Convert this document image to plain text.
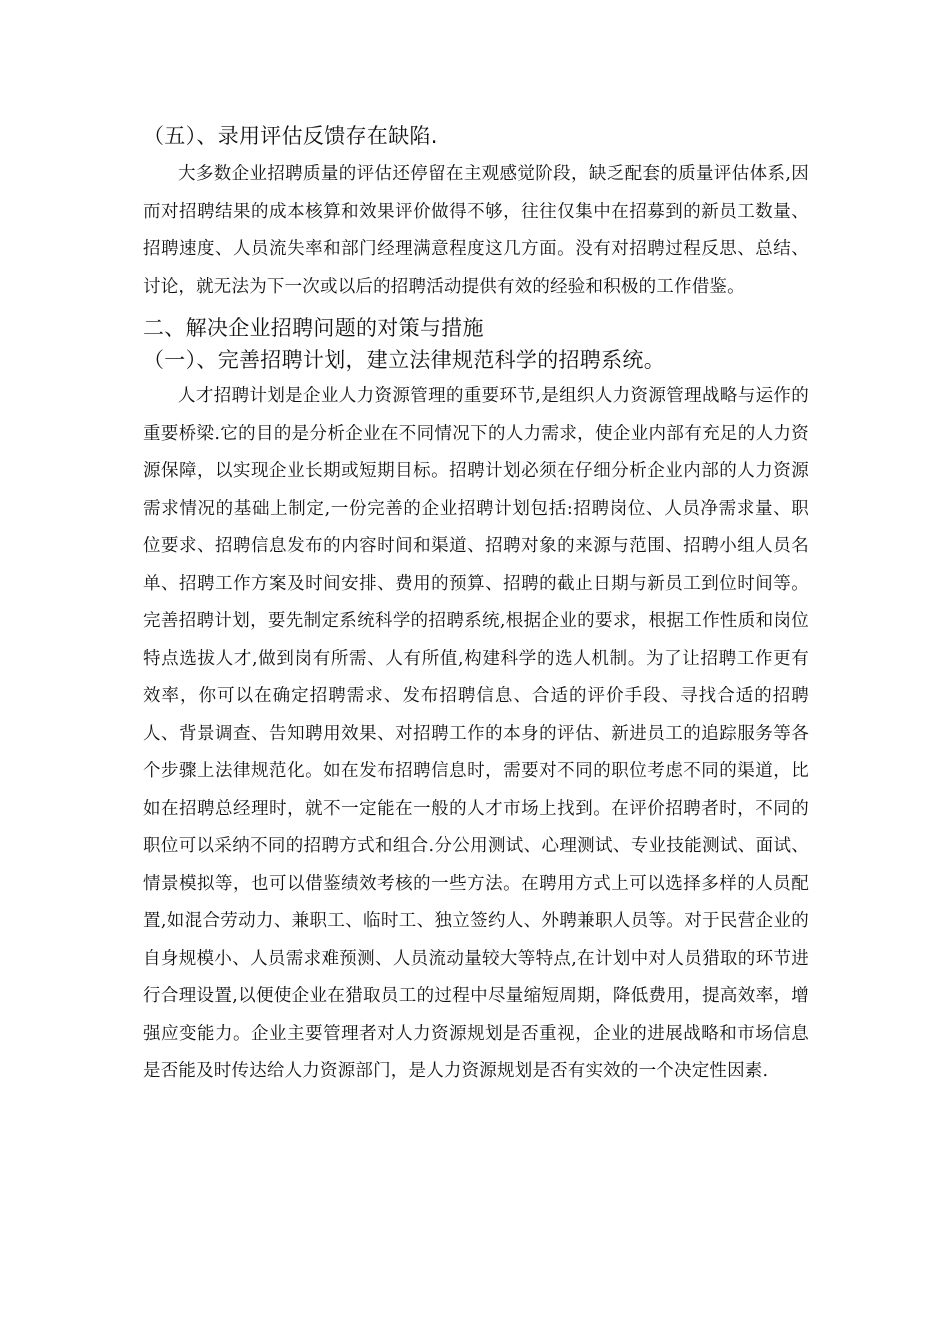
（五）、录用评估反馈存在缺陷.

大多数企业招聘质量的评估还停留在主观感觉阶段，缺乏配套的质量评估体系,因而对招聘结果的成本核算和效果评价做得不够，往往仅集中在招募到的新员工数量、招聘速度、人员流失率和部门经理满意程度这几方面。没有对招聘过程反思、总结、讨论，就无法为下一次或以后的招聘活动提供有效的经验和积极的工作借鉴。

二、解决企业招聘问题的对策与措施
（一）、完善招聘计划，建立法律规范科学的招聘系统。

人才招聘计划是企业人力资源管理的重要环节,是组织人力资源管理战略与运作的重要桥梁.它的目的是分析企业在不同情况下的人力需求，使企业内部有充足的人力资源保障，以实现企业长期或短期目标。招聘计划必须在仔细分析企业内部的人力资源需求情况的基础上制定,一份完善的企业招聘计划包括:招聘岗位、人员净需求量、职位要求、招聘信息发布的内容时间和渠道、招聘对象的来源与范围、招聘小组人员名单、招聘工作方案及时间安排、费用的预算、招聘的截止日期与新员工到位时间等。完善招聘计划，要先制定系统科学的招聘系统,根据企业的要求，根据工作性质和岗位特点选拔人才,做到岗有所需、人有所值,构建科学的选人机制。为了让招聘工作更有效率，你可以在确定招聘需求、发布招聘信息、合适的评价手段、寻找合适的招聘人、背景调查、告知聘用效果、对招聘工作的本身的评估、新进员工的追踪服务等各个步骤上法律规范化。如在发布招聘信息时，需要对不同的职位考虑不同的渠道，比如在招聘总经理时，就不一定能在一般的人才市场上找到。在评价招聘者时，不同的职位可以采纳不同的招聘方式和组合.分公用测试、心理测试、专业技能测试、面试、情景模拟等，也可以借鉴绩效考核的一些方法。在聘用方式上可以选择多样的人员配置,如混合劳动力、兼职工、临时工、独立签约人、外聘兼职人员等。对于民营企业的自身规模小、人员需求难预测、人员流动量较大等特点,在计划中对人员猎取的环节进行合理设置,以便使企业在猎取员工的过程中尽量缩短周期，降低费用，提高效率，增强应变能力。企业主要管理者对人力资源规划是否重视，企业的进展战略和市场信息是否能及时传达给人力资源部门，是人力资源规划是否有实效的一个决定性因素.
